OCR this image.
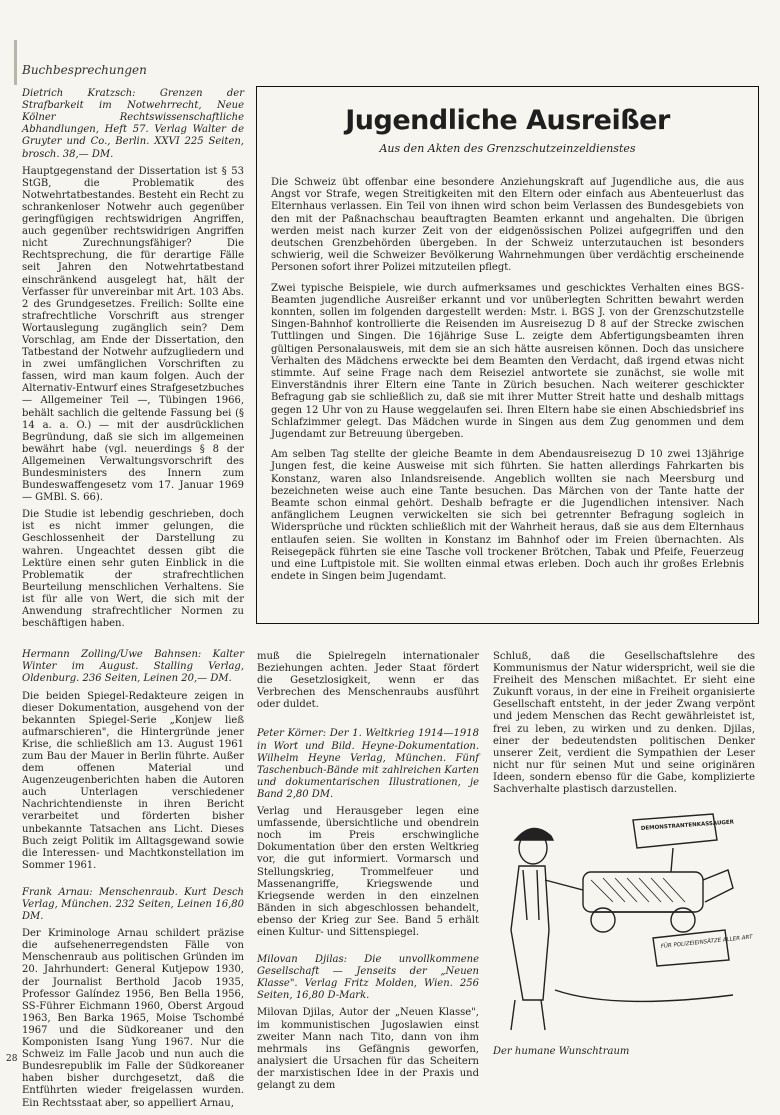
Buchbesprechungen
Dietrich Kratzsch: Grenzen der Strafbarkeit im Notwehrrecht, Neue Kölner Rechtswissenschaftliche Abhandlungen, Heft 57. Verlag Walter de Gruyter und Co., Berlin. XXVI 225 Seiten, brosch. 38,— DM.

Hauptgegenstand der Dissertation ist § 53 StGB, die Problematik des Notwehrtatbestandes. Besteht ein Recht zu schrankenloser Notwehr auch gegenüber geringfügigen rechtswidrigen Angriffen, auch gegenüber rechtswidrigen Angriffen nicht Zurechnungsfähiger? Die Rechtsprechung, die für derartige Fälle seit Jahren den Notwehrtatbestand einschränkend ausgelegt hat, hält der Verfasser für unvereinbar mit Art. 103 Abs. 2 des Grundgesetzes. Freilich: Sollte eine strafrechtliche Vorschrift aus strenger Wortauslegung zugänglich sein? Dem Vorschlag, am Ende der Dissertation, den Tatbestand der Notwehr aufzugliedern und in zwei umfänglichen Vorschriften zu fassen, wird man kaum folgen. Auch der Alternativ-Entwurf eines Strafgesetzbuches — Allgemeiner Teil —, Tübingen 1966, behält sachlich die geltende Fassung bei (§ 14 a. a. O.) — mit der ausdrücklichen Begründung, daß sie sich im allgemeinen bewährt habe (vgl. neuerdings § 8 der Allgemeinen Verwaltungsvorschrift des Bundesministers des Innern zum Bundeswaffengesetz vom 17. Januar 1969 — GMBl. S. 66).

Die Studie ist lebendig geschrieben, doch ist es nicht immer gelungen, die Geschlossenheit der Darstellung zu wahren. Ungeachtet dessen gibt die Lektüre einen sehr guten Einblick in die Problematik der strafrechtlichen Beurteilung menschlichen Verhaltens. Sie ist für alle von Wert, die sich mit der Anwendung strafrechtlicher Normen zu beschäftigen haben.

Hermann Zolling/Uwe Bahnsen: Kalter Winter im August. Stalling Verlag, Oldenburg. 236 Seiten, Leinen 20,— DM.

Die beiden Spiegel-Redakteure zeigen in dieser Dokumentation, ausgehend von der bekannten Spiegel-Serie „Konjew ließ aufmarschieren", die Hintergründe jener Krise, die schließlich am 13. August 1961 zum Bau der Mauer in Berlin führte. Außer dem offenen Material und Augenzeugenberichten haben die Autoren auch Unterlagen verschiedener Nachrichtendienste in ihren Bericht verarbeitet und förderten bisher unbekannte Tatsachen ans Licht. Dieses Buch zeigt Politik im Alltagsgewand sowie die Interessen- und Machtkonstellation im Sommer 1961.

Frank Arnau: Menschenraub. Kurt Desch Verlag, München. 232 Seiten, Leinen 16,80 DM.

Der Kriminologe Arnau schildert präzise die aufsehenerregendsten Fälle von Menschenraub aus politischen Gründen im 20. Jahrhundert: General Kutjepow 1930, der Journalist Berthold Jacob 1935, Professor Galíndez 1956, Ben Bella 1956, SS-Führer Eichmann 1960, Oberst Argoud 1963, Ben Barka 1965, Moise Tschombé 1967 und die Südkoreaner und den Komponisten Isang Yung 1967. Nur die Schweiz im Falle Jacob und nun auch die Bundesrepublik im Falle der Südkoreaner haben bisher durchgesetzt, daß die Entführten wieder freigelassen wurden. Ein Rechtsstaat aber, so appelliert Arnau,

Jugendliche Ausreißer
Aus den Akten des Grenzschutzeinzeldienstes

Die Schweiz übt offenbar eine besondere Anziehungskraft auf Jugendliche aus, die aus Angst vor Strafe, wegen Streitigkeiten mit den Eltern oder einfach aus Abenteuerlust das Elternhaus verlassen. Ein Teil von ihnen wird schon beim Verlassen des Bundesgebiets von den mit der Paßnachschau beauftragten Beamten erkannt und angehalten. Die übrigen werden meist nach kurzer Zeit von der eidgenössischen Polizei aufgegriffen und den deutschen Grenzbehörden übergeben. In der Schweiz unterzutauchen ist besonders schwierig, weil die Schweizer Bevölkerung Wahrnehmungen über verdächtig erscheinende Personen sofort ihrer Polizei mitzuteilen pflegt.

Zwei typische Beispiele, wie durch aufmerksames und geschicktes Verhalten eines BGS-Beamten jugendliche Ausreißer erkannt und vor unüberlegten Schritten bewahrt werden konnten, sollen im folgenden dargestellt werden: Mstr. i. BGS J. von der Grenzschutzstelle Singen-Bahnhof kontrollierte die Reisenden im Ausreisezug D 8 auf der Strecke zwischen Tuttlingen und Singen. Die 16jährige Suse L. zeigte dem Abfertigungsbeamten ihren gültigen Personalausweis, mit dem sie an sich hätte ausreisen können. Doch das unsichere Verhalten des Mädchens erweckte bei dem Beamten den Verdacht, daß irgend etwas nicht stimmte. Auf seine Frage nach dem Reiseziel antwortete sie zunächst, sie wolle mit Einverständnis ihrer Eltern eine Tante in Zürich besuchen. Nach weiterer geschickter Befragung gab sie schließlich zu, daß sie mit ihrer Mutter Streit hatte und deshalb mittags gegen 12 Uhr von zu Hause weggelaufen sei. Ihren Eltern habe sie einen Abschiedsbrief ins Schlafzimmer gelegt. Das Mädchen wurde in Singen aus dem Zug genommen und dem Jugendamt zur Betreuung übergeben.

Am selben Tag stellte der gleiche Beamte in dem Abendausreisezug D 10 zwei 13jährige Jungen fest, die keine Ausweise mit sich führten. Sie hatten allerdings Fahrkarten bis Konstanz, waren also Inlandsreisende. Angeblich wollten sie nach Meersburg und bezeichneten weise auch eine Tante besuchen. Das Märchen von der Tante hatte der Beamte schon einmal gehört. Deshalb befragte er die Jugendlichen intensiver. Nach anfänglichem Leugnen verwickelten sie sich bei getrennter Befragung sogleich in Widersprüche und rückten schließlich mit der Wahrheit heraus, daß sie aus dem Elternhaus entlaufen seien. Sie wollten in Konstanz im Bahnhof oder im Freien übernachten. Als Reisegepäck führten sie eine Tasche voll trockener Brötchen, Tabak und Pfeife, Feuerzeug und eine Luftpistole mit. Sie wollten einmal etwas erleben. Doch auch ihr großes Erlebnis endete in Singen beim Jugendamt.

muß die Spielregeln internationaler Beziehungen achten. Jeder Staat fördert die Gesetzlosigkeit, wenn er das Verbrechen des Menschenraubs ausführt oder duldet.

Peter Körner: Der 1. Weltkrieg 1914—1918 in Wort und Bild. Heyne-Dokumentation. Wilhelm Heyne Verlag, München. Fünf Taschenbuch-Bände mit zahlreichen Karten und dokumentarischen Illustrationen, je Band 2,80 DM.

Verlag und Herausgeber legen eine umfassende, übersichtliche und obendrein noch im Preis erschwingliche Dokumentation über den ersten Weltkrieg vor, die gut informiert. Vormarsch und Stellungskrieg, Trommelfeuer und Massenangriffe, Kriegswende und Kriegsende werden in den einzelnen Bänden in sich abgeschlossen behandelt, ebenso der Krieg zur See. Band 5 erhält einen Kultur- und Sittenspiegel.

Milovan Djilas: Die unvollkommene Gesellschaft — Jenseits der „Neuen Klasse". Verlag Fritz Molden, Wien. 256 Seiten, 16,80 D-Mark.

Milovan Djilas, Autor der „Neuen Klasse", im kommunistischen Jugoslawien einst zweiter Mann nach Tito, dann von ihm mehrmals ins Gefängnis geworfen, analysiert die Ursachen für das Scheitern der marxistischen Idee in der Praxis und gelangt zu dem

Schluß, daß die Gesellschaftslehre des Kommunismus der Natur widerspricht, weil sie die Freiheit des Menschen mißachtet. Er sieht eine Zukunft voraus, in der eine in Freiheit organisierte Gesellschaft entsteht, in der jeder Zwang verpönt und jedem Menschen das Recht gewährleistet ist, frei zu leben, zu wirken und zu denken. Djilas, einer der bedeutendsten politischen Denker unserer Zeit, verdient die Sympathien der Leser nicht nur für seinen Mut und seine originären Ideen, sondern ebenso für die Gabe, komplizierte Sachverhalte plastisch darzustellen.

DEMONSTRANTENKASSAUGER
FÜR POLIZEIEINSÄTZE ALLER ART
Der humane Wunschtraum
28
